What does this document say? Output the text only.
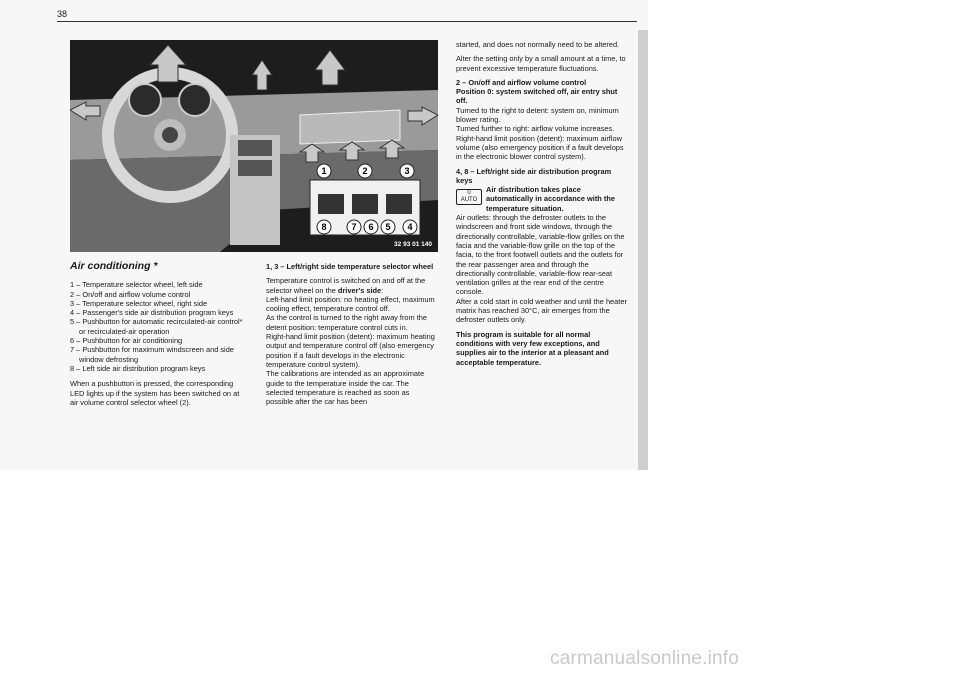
38
1	2	3
8	7 6 5 4
32 93 01 140
Air conditioning *
1 – Temperature selector wheel, left side
2 – On/off and airflow volume control
3 – Temperature selector wheel, right side
4 – Passenger's side air distribution program keys
5 – Pushbutton for automatic recirculated-air control* or recirculated-air operation
6 – Pushbutton for air conditioning
7 – Pushbutton for maximum windscreen and side window defrosting
8 – Left side air distribution program keys

When a pushbutton is pressed, the corresponding LED lights up if the system has been switched on at air volume control selector wheel (2).

1, 3 – Left/right side temperature selector wheel

Temperature control is switched on and off at the selector wheel on the driver's side:
Left-hand limit position: no heating effect, maximum cooling effect, temperature control off.
As the control is turned to the right away from the detent position: temperature control cuts in.
Right-hand limit position (detent): maximum heating output and temperature control off (also emergency position if a fault develops in the electronic temperature control system).
The calibrations are intended as an approximate guide to the temperature inside the car. The selected temperature is reached as soon as possible after the car has been

started, and does not normally need to be altered.

Alter the setting only by a small amount at a time, to prevent excessive temperature fluctuations.

2 – On/off and airflow volume control
Position 0: system switched off, air entry shut off.
Turned to the right to detent: system on, minimum blower rating.
Turned further to right: airflow volume increases.

Right-hand limit position (detent): maximum airflow volume (also emergency position if a fault develops in the electronic blower control system).

4, 8 – Left/right side air distribution program keys
0
AUTO
Air distribution takes place automatically in accordance with the temperature situation.
Air outlets: through the defroster outlets to the windscreen and front side windows, through the directionally controllable, variable-flow grilles on the facia and the variable-flow grille on the top of the facia, to the front footwell outlets and the outlets for the rear passenger area and through the directionally controllable, variable-flow rear-seat ventilation grilles at the rear end of the centre console.

After a cold start in cold weather and until the heater matrix has reached 30°C, air emerges from the defroster outlets only.

This program is suitable for all normal conditions with very few exceptions, and supplies air to the interior at a pleasant and acceptable temperature.

carmanualsonline.info
